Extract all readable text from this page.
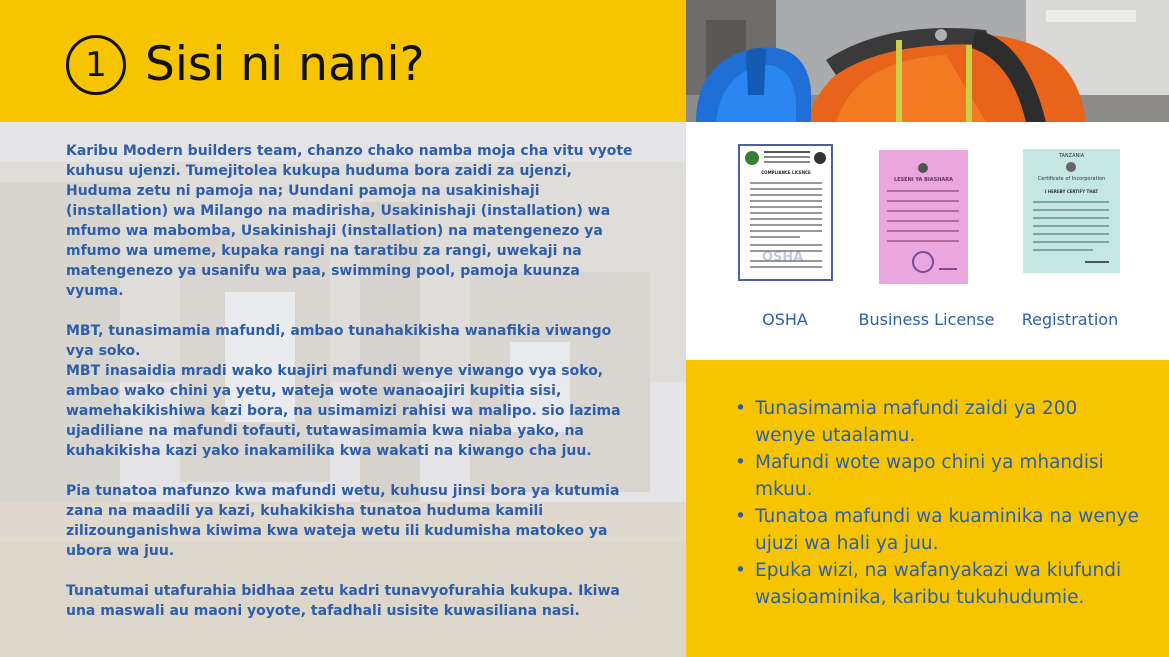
1 Sisi ni nani?

Karibu Modern builders team, chanzo chako namba moja cha vitu vyote kuhusu ujenzi. Tumejitolea kukupa huduma bora zaidi za ujenzi, Huduma zetu ni pamoja na; Uundani pamoja na usakinishaji (installation) wa Milango na madirisha, Usakinishaji (installation) wa mfumo wa mabomba, Usakinishaji (installation) na matengenezo ya mfumo wa umeme, kupaka rangi na taratibu za rangi, uwekaji na matengenezo ya usanifu wa paa, swimming pool, pamoja kuunza vyuma.

MBT, tunasimamia mafundi, ambao tunahakikisha wanafikia viwango vya soko.
MBT inasaidia mradi wako kuajiri mafundi wenye viwango vya soko, ambao wako chini ya yetu, wateja wote wanaoajiri kupitia sisi, wamehakikishiwa kazi bora, na usimamizi rahisi wa malipo. sio lazima ujadiliane na mafundi tofauti, tutawasimamia kwa niaba yako, na kuhakikisha kazi yako inakamilika kwa wakati na kiwango cha juu.

Pia tunatoa mafunzo kwa mafundi wetu, kuhusu jinsi bora ya kutumia zana na maadili ya kazi, kuhakikisha tunatoa huduma kamili zilizounganishwa kiwima kwa wateja wetu ili kudumisha matokeo ya ubora wa juu.

Tunatumai utafurahia bidhaa zetu kadri tunavyofurahia kukupa. Ikiwa una maswali au maoni yoyote, tafadhali usisite kuwasiliana nasi.

COMPLIANCE LICENCE
OSHA
LESENI YA BIASHARA
TANZANIA
Certificate of Incorporation
I HEREBY CERTIFY THAT
OSHA	Business License	Registration
• Tunasimamia mafundi zaidi ya 200 wenye utaalamu.
• Mafundi wote wapo chini ya mhandisi mkuu.
• Tunatoa mafundi wa kuaminika na wenye ujuzi wa hali ya juu.
• Epuka wizi, na wafanyakazi wa kiufundi wasioaminika, karibu tukuhudumie.
